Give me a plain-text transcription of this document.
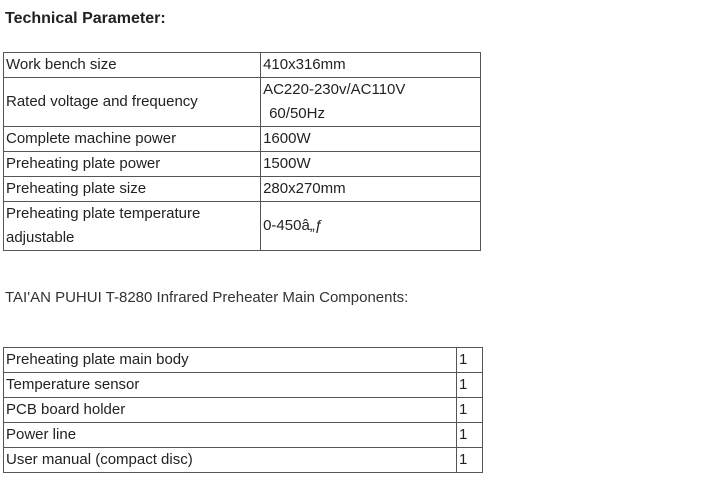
Technical Parameter:
Work bench size	410x316mm
Rated voltage and frequency	AC220-230v/AC110V
60/50Hz

Complete machine power	1600W
Preheating plate power	1500W
Preheating plate size	280x270mm

Preheating plate temperature
adjustable	0-450â„ƒ
TAI'AN PUHUI T-8280 Infrared Preheater Main Components:
Preheating plate main body	1
Temperature sensor	1
PCB board holder	1
Power line	1
User manual (compact disc)	1
